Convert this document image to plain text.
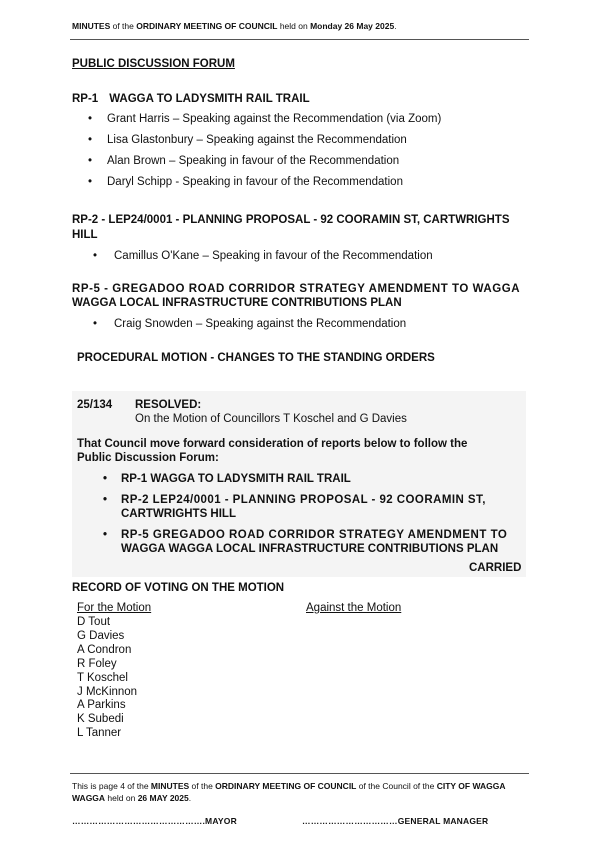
MINUTES of the ORDINARY MEETING OF COUNCIL held on Monday 26 May 2025.
PUBLIC DISCUSSION FORUM
RP-1 WAGGA TO LADYSMITH RAIL TRAIL
• Grant Harris – Speaking against the Recommendation (via Zoom)
• Lisa Glastonbury – Speaking against the Recommendation
• Alan Brown – Speaking in favour of the Recommendation
• Daryl Schipp - Speaking in favour of the Recommendation
RP-2 - LEP24/0001 - PLANNING PROPOSAL - 92 COORAMIN ST, CARTWRIGHTS
HILL
• Camillus O'Kane – Speaking in favour of the Recommendation
RP-5 - GREGADOO ROAD CORRIDOR STRATEGY AMENDMENT TO WAGGA
WAGGA LOCAL INFRASTRUCTURE CONTRIBUTIONS PLAN
• Craig Snowden – Speaking against the Recommendation
PROCEDURAL MOTION - CHANGES TO THE STANDING ORDERS
25/134 RESOLVED:
On the Motion of Councillors T Koschel and G Davies
That Council move forward consideration of reports below to follow the
Public Discussion Forum:
• RP-1 WAGGA TO LADYSMITH RAIL TRAIL
• RP-2 LEP24/0001 - PLANNING PROPOSAL - 92 COORAMIN ST,
CARTWRIGHTS HILL
• RP-5 GREGADOO ROAD CORRIDOR STRATEGY AMENDMENT TO
WAGGA WAGGA LOCAL INFRASTRUCTURE CONTRIBUTIONS PLAN
CARRIED
RECORD OF VOTING ON THE MOTION
For the Motion	Against the Motion
D Tout
G Davies
A Condron
R Foley
T Koschel
J McKinnon
A Parkins
K Subedi
L Tanner
This is page 4 of the MINUTES of the ORDINARY MEETING OF COUNCIL of the Council of the CITY OF WAGGA WAGGA held on 26 MAY 2025.
……………………………………….MAYOR	……………………………GENERAL MANAGER
